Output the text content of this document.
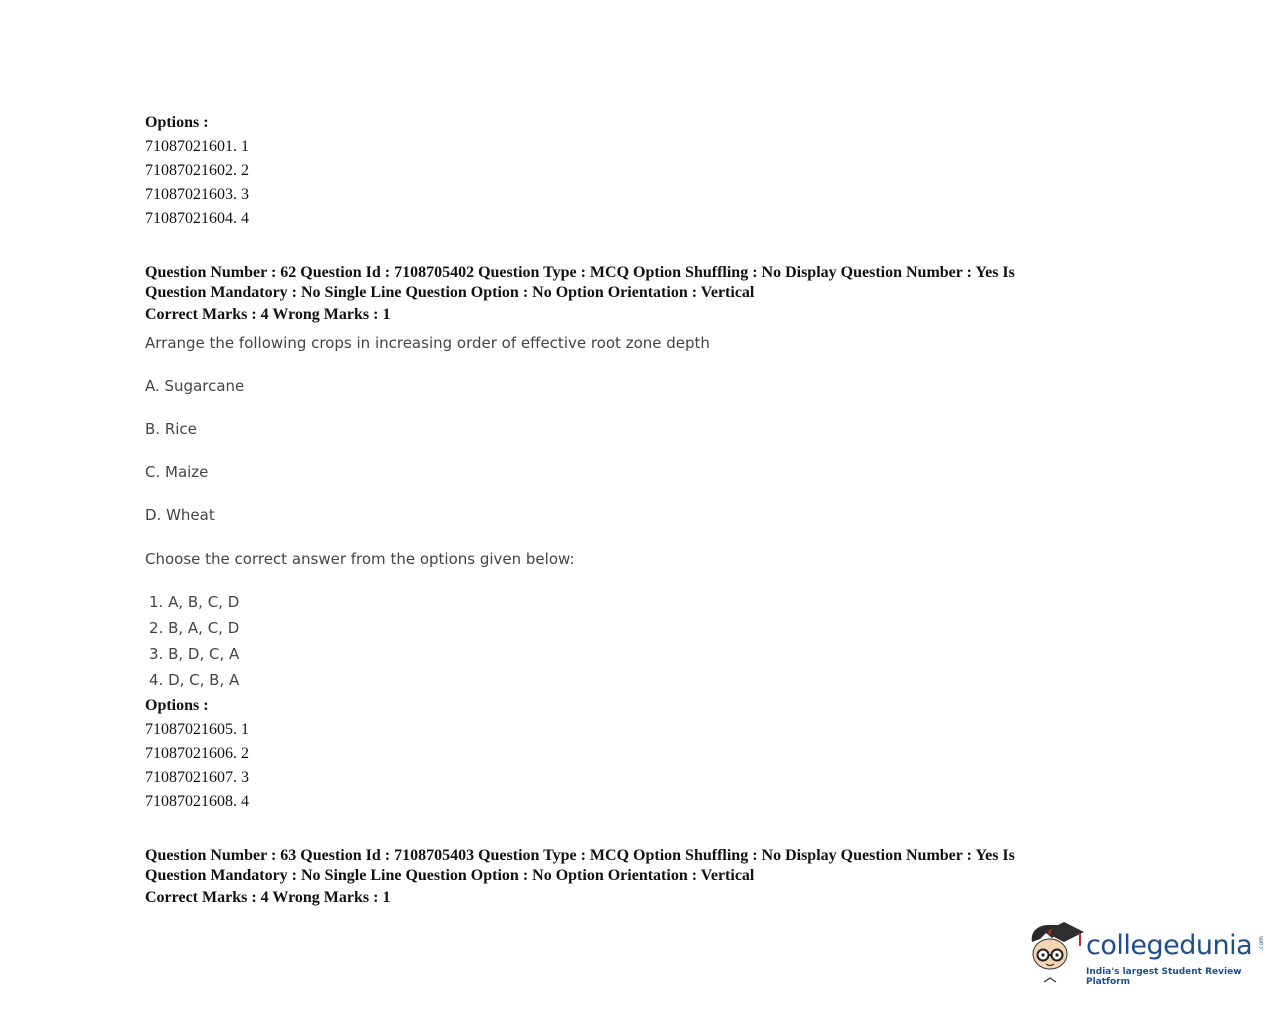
Options :
71087021601. 1
71087021602. 2
71087021603. 3
71087021604. 4
Question Number : 62 Question Id : 7108705402 Question Type : MCQ Option Shuffling : No Display Question Number : Yes Is
Question Mandatory : No Single Line Question Option : No Option Orientation : Vertical
Correct Marks : 4 Wrong Marks : 1
Arrange the following crops in increasing order of effective root zone depth
A. Sugarcane
B. Rice
C. Maize
D. Wheat
Choose the correct answer from the options given below:
1. A, B, C, D
2. B, A, C, D
3. B, D, C, A
4. D, C, B, A
Options :
71087021605. 1
71087021606. 2
71087021607. 3
71087021608. 4
Question Number : 63 Question Id : 7108705403 Question Type : MCQ Option Shuffling : No Display Question Number : Yes Is
Question Mandatory : No Single Line Question Option : No Option Orientation : Vertical
Correct Marks : 4 Wrong Marks : 1
collegedunia .com
India's largest Student Review Platform
